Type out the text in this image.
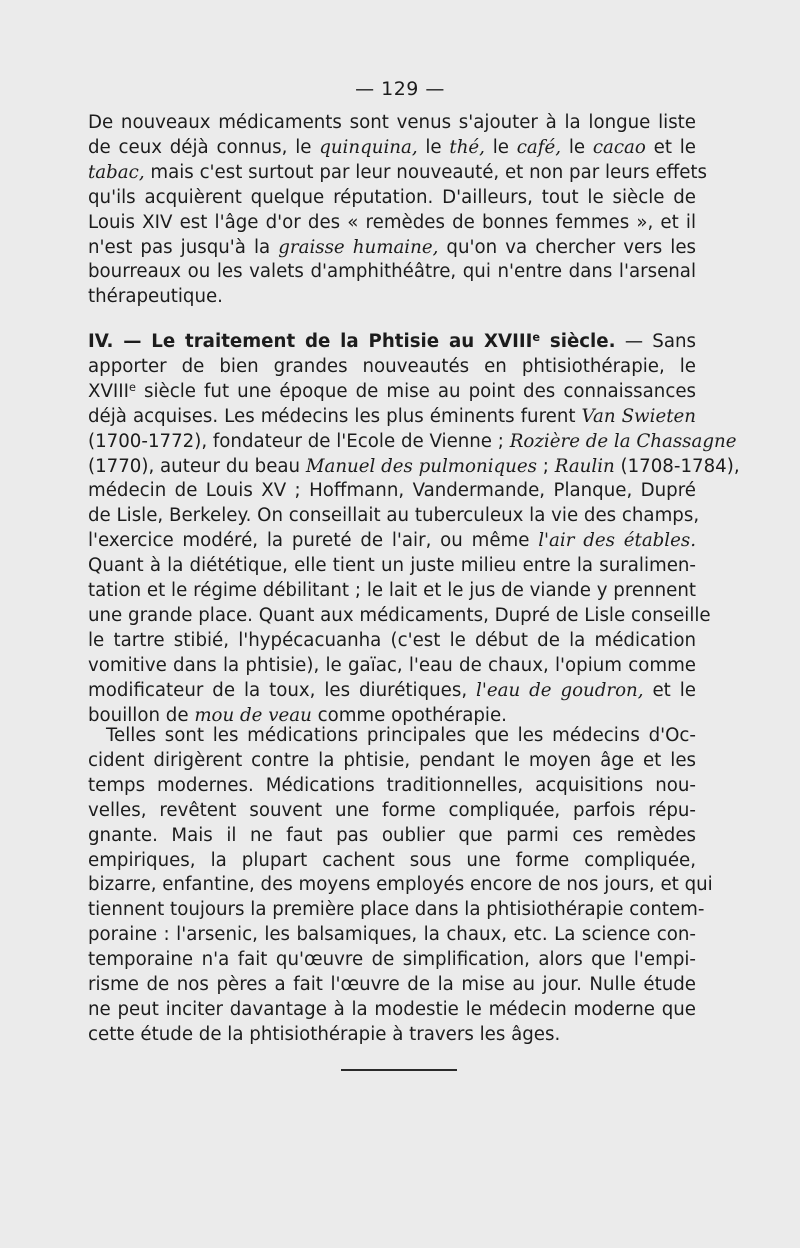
— 129 —
De nouveaux médicaments sont venus s'ajouter à la longue liste
de ceux déjà connus, le quinquina, le thé, le café, le cacao et le
tabac, mais c'est surtout par leur nouveauté, et non par leurs effets
qu'ils acquièrent quelque réputation. D'ailleurs, tout le siècle de
Louis XIV est l'âge d'or des « remèdes de bonnes femmes », et il
n'est pas jusqu'à la graisse humaine, qu'on va chercher vers les
bourreaux ou les valets d'amphithéâtre, qui n'entre dans l'arsenal
thérapeutique.
IV. — Le traitement de la Phtisie au XVIIIe siècle. — Sans
apporter de bien grandes nouveautés en phtisiothérapie, le
XVIIIe siècle fut une époque de mise au point des connaissances
déjà acquises. Les médecins les plus éminents furent Van Swieten
(1700-1772), fondateur de l'Ecole de Vienne ; Rozière de la Chassagne
(1770), auteur du beau Manuel des pulmoniques ; Raulin (1708-1784),
médecin de Louis XV ; Hoffmann, Vandermande, Planque, Dupré
de Lisle, Berkeley. On conseillait au tuberculeux la vie des champs,
l'exercice modéré, la pureté de l'air, ou même l'air des étables.
Quant à la diététique, elle tient un juste milieu entre la suralimen-
tation et le régime débilitant ; le lait et le jus de viande y prennent
une grande place. Quant aux médicaments, Dupré de Lisle conseille
le tartre stibié, l'hypécacuanha (c'est le début de la médication
vomitive dans la phtisie), le gaïac, l'eau de chaux, l'opium comme
modificateur de la toux, les diurétiques, l'eau de goudron, et le
bouillon de mou de veau comme opothérapie.
Telles sont les médications principales que les médecins d'Oc-
cident dirigèrent contre la phtisie, pendant le moyen âge et les
temps modernes. Médications traditionnelles, acquisitions nou-
velles, revêtent souvent une forme compliquée, parfois répu-
gnante. Mais il ne faut pas oublier que parmi ces remèdes
empiriques, la plupart cachent sous une forme compliquée,
bizarre, enfantine, des moyens employés encore de nos jours, et qui
tiennent toujours la première place dans la phtisiothérapie contem-
poraine : l'arsenic, les balsamiques, la chaux, etc. La science con-
temporaine n'a fait qu'œuvre de simplification, alors que l'empi-
risme de nos pères a fait l'œuvre de la mise au jour. Nulle étude
ne peut inciter davantage à la modestie le médecin moderne que
cette étude de la phtisiothérapie à travers les âges.
